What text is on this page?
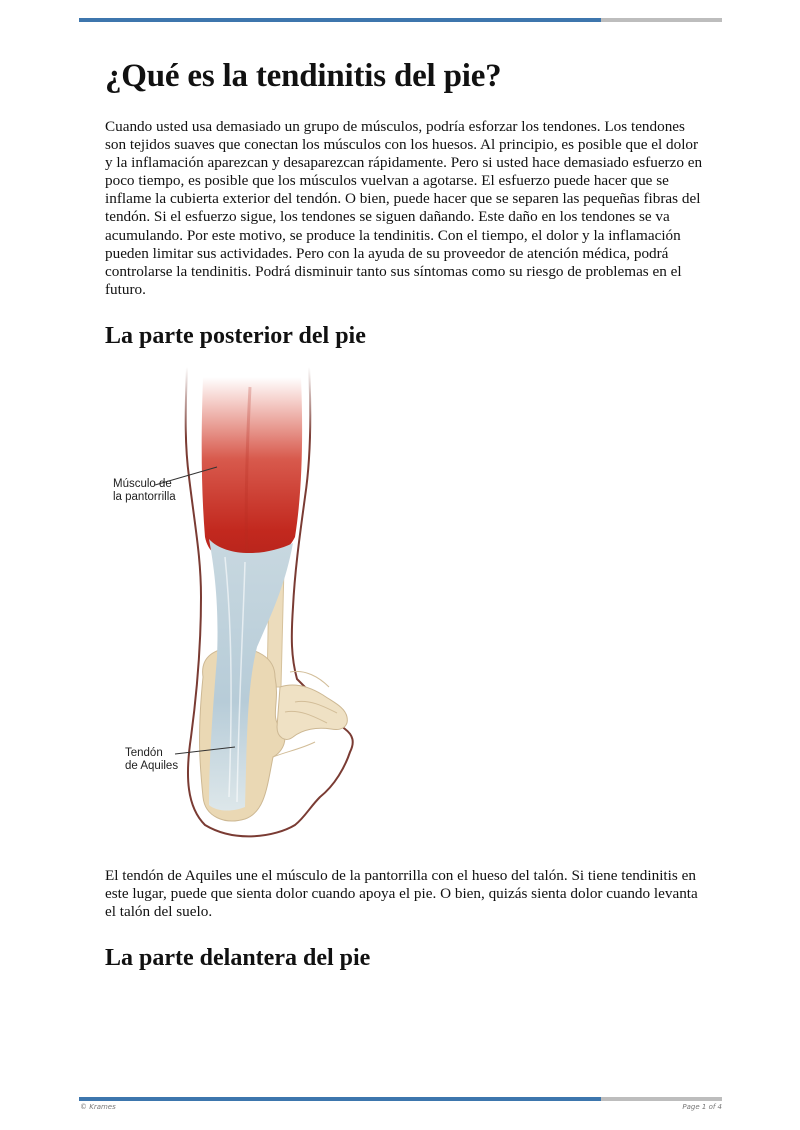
¿Qué es la tendinitis del pie?

Cuando usted usa demasiado un grupo de músculos, podría esforzar los tendones. Los tendones son tejidos suaves que conectan los músculos con los huesos. Al principio, es posible que el dolor y la inflamación aparezcan y desaparezcan rápidamente. Pero si usted hace demasiado esfuerzo en poco tiempo, es posible que los músculos vuelvan a agotarse. El esfuerzo puede hacer que se inflame la cubierta exterior del tendón. O bien, puede hacer que se separen las pequeñas fibras del tendón. Si el esfuerzo sigue, los tendones se siguen dañando. Este daño en los tendones se va acumulando. Por este motivo, se produce la tendinitis. Con el tiempo, el dolor y la inflamación pueden limitar sus actividades. Pero con la ayuda de su proveedor de atención médica, podrá controlarse la tendinitis. Podrá disminuir tanto sus síntomas como su riesgo de problemas en el futuro.

La parte posterior del pie
Músculo de
la pantorrilla
Tendón
de Aquiles

El tendón de Aquiles une el músculo de la pantorrilla con el hueso del talón. Si tiene tendinitis en este lugar, puede que sienta dolor cuando apoya el pie. O bien, quizás sienta dolor cuando levanta el talón del suelo.

La parte delantera del pie
© Krames	Page 1 of 4
